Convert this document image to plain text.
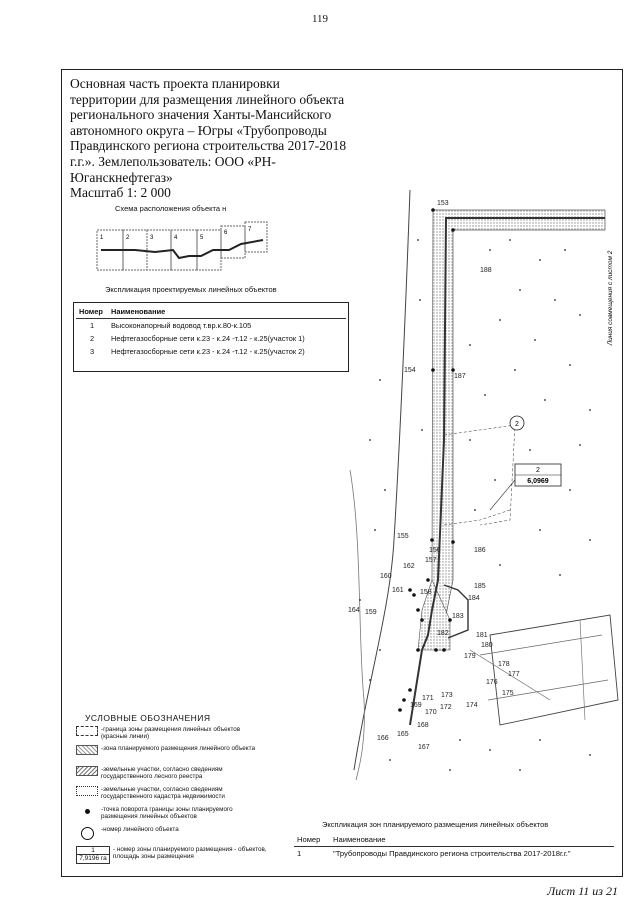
119
Основная часть проекта планировки
территории для размещения линейного объекта
регионального значения Ханты-Мансийского
автономного округа – Югры «Трубопроводы
Правдинского региона строительства 2017-2018
г.г.». Землепользователь: ООО «РН-
Юганскнефтегаз»
Масштаб 1: 2 000
Схема расположения объекта н
1	2	3	4	5
6	7
Экспликация проектируемых линейных объектов
Номер	Наименование
1	Высоконапорный водовод т.вр.к.80-к.105
2	Нефтегазосборные сети к.23 - к.24 -т.12 - к.25(участок 1)
3	Нефтегазосборные сети к.23 - к.24 -т.12 - к.25(участок 2)
2
2
6,0969
Линия совмещения с листом 2
153
188
154
187
155
186
156
157
158
185
160
162
161
184
164 159
183
182	181
180
179
178
177
176
175
171 173
169
170
172 174
168
166
165
167
УСЛОВНЫЕ ОБОЗНАЧЕНИЯ
-граница зоны размещения линейных объектов (красные линии)
-зона планируемого размещения линейного объекта
-земельные участки, согласно сведениям государственного лесного реестра
-земельные участки, согласно сведениям государственного кадастра недвижимости
-точка поворота границы зоны планируемого размещения линейных объектов
-номер линейного объекта
1
7,9196 га
- номер зоны планируемого размещения - объектов, площадь зоны размещения
Экспликация зон планируемого размещения линейных объектов
Номер	Наименование
1	"Трубопроводы Правдинского региона строительства 2017-2018г.г."
Лист 11 из 21
